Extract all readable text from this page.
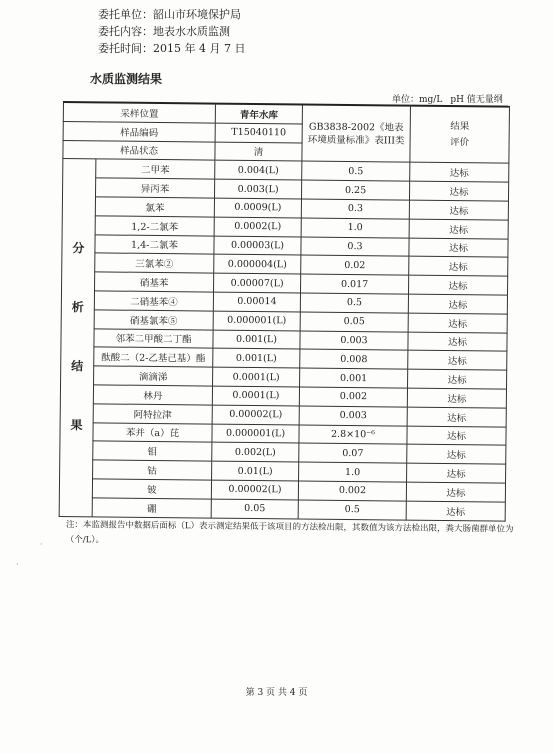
委托单位：韶山市环境保护局
委托内容：地表水水质监测
委托时间：2015 年 4 月 7 日
水质监测结果
单位：mg/L pH 值无量纲
采样位置		青年水库	GB3838-2002《地表环境质量标准》表III类	结果
评价

样品编码		T15040110		
样品状态		清		

分
析
结
果	二甲苯	0.004(L)	0.5	达标
	异丙苯	0.003(L)	0.25	达标
	氯苯	0.0009(L)	0.3	达标
	1,2-二氯苯	0.0002(L)	1.0	达标
	1,4-二氯苯	0.00003(L)	0.3	达标
	三氯苯②	0.000004(L)	0.02	达标
	硝基苯	0.00007(L)	0.017	达标
	二硝基苯④	0.00014	0.5	达标
	硝基氯苯⑤	0.000001(L)	0.05	达标
	邻苯二甲酸二丁酯	0.001(L)	0.003	达标
	酞酸二（2-乙基己基）酯	0.001(L)	0.008	达标
	滴滴涕	0.0001(L)	0.001	达标
	林丹	0.0001(L)	0.002	达标
	阿特拉津	0.00002(L)	0.003	达标
	苯并（a）芘	0.000001(L)	2.8×10⁻⁶	达标
	钼	0.002(L)	0.07	达标
	钴	0.01(L)	1.0	达标
	铍	0.00002(L)	0.002	达标
	硼	0.05	0.5	达标
注：本监测报告中数据后面标（L）表示测定结果低于该项目的方法检出限，其数值为该方法检出限，粪大肠菌群单位为（个/L）。
第 3 页 共 4 页
·
·
